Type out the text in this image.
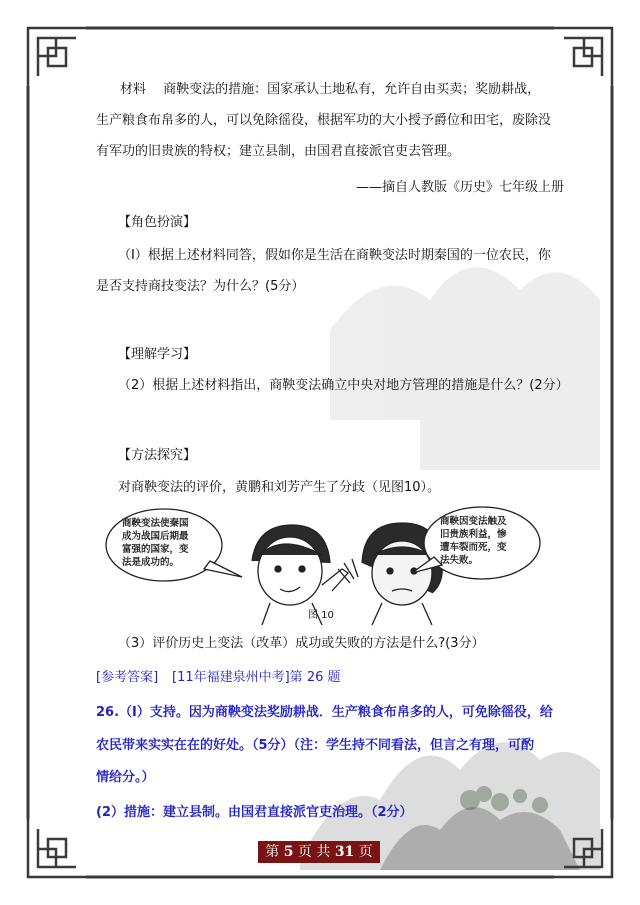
材料　 商鞅变法的措施：国家承认土地私有，允许自由买卖；奖励耕战，
生产粮食布帛多的人，可以免除徭役，根据军功的大小授予爵位和田宅，废除没
有军功的旧贵族的特权；建立县制，由国君直接派官吏去管理。
——摘自人教版《历史》七年级上册
【角色扮演】
（Ⅰ）根据上述材料同答，假如你是生活在商鞅变法时期秦国的一位农民，你
是否支持商技变法？为什么？(5分）
【理解学习】
（2）根据上述材料指出，商鞅变法确立中央对地方管理的措施是什么？(2分）
【方法探究】
对商鞅变法的评价，黄鹏和刘芳产生了分歧（见图10）。
商鞅变法使秦国
成为战国后期最
富强的国家，变
法是成功的。
商鞅因变法触及
旧贵族利益，惨
遭车裂而死，变
法失败。
图 10
（3）评价历史上变法（改革）成功或失败的方法是什么?(3分）
[参考答案] [11年福建泉州中考]第 26 题
26.（Ⅰ）支持。因为商鞅变法奖励耕战．生产粮食布帛多的人，可免除徭役，给
农民带来实实在在的好处。（5分）（注：学生持不同看法，但言之有理，可酌
情给分。）
(2）措施：建立县制。由国君直接派官吏治理。（2分）
第 5 页 共 31 页
